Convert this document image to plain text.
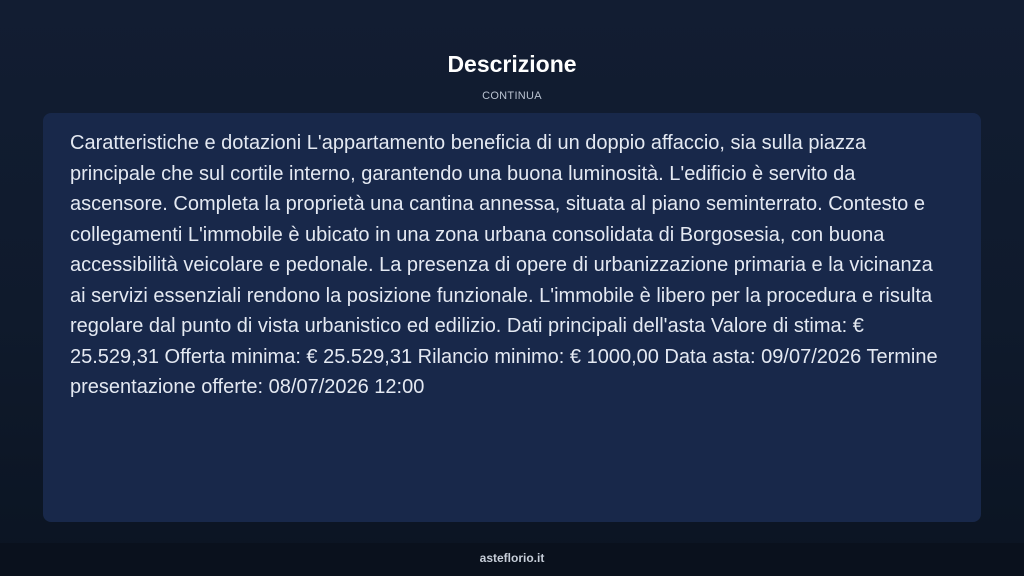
Descrizione
CONTINUA

Caratteristiche e dotazioni L'appartamento beneficia di un doppio affaccio, sia sulla piazza principale che sul cortile interno, garantendo una buona luminosità. L'edificio è servito da ascensore. Completa la proprietà una cantina annessa, situata al piano seminterrato. Contesto e collegamenti L'immobile è ubicato in una zona urbana consolidata di Borgosesia, con buona accessibilità veicolare e pedonale. La presenza di opere di urbanizzazione primaria e la vicinanza ai servizi essenziali rendono la posizione funzionale. L'immobile è libero per la procedura e risulta regolare dal punto di vista urbanistico ed edilizio. Dati principali dell'asta Valore di stima: € 25.529,31 Offerta minima: € 25.529,31 Rilancio minimo: € 1000,00 Data asta: 09/07/2026 Termine presentazione offerte: 08/07/2026 12:00

asteflorio.it
